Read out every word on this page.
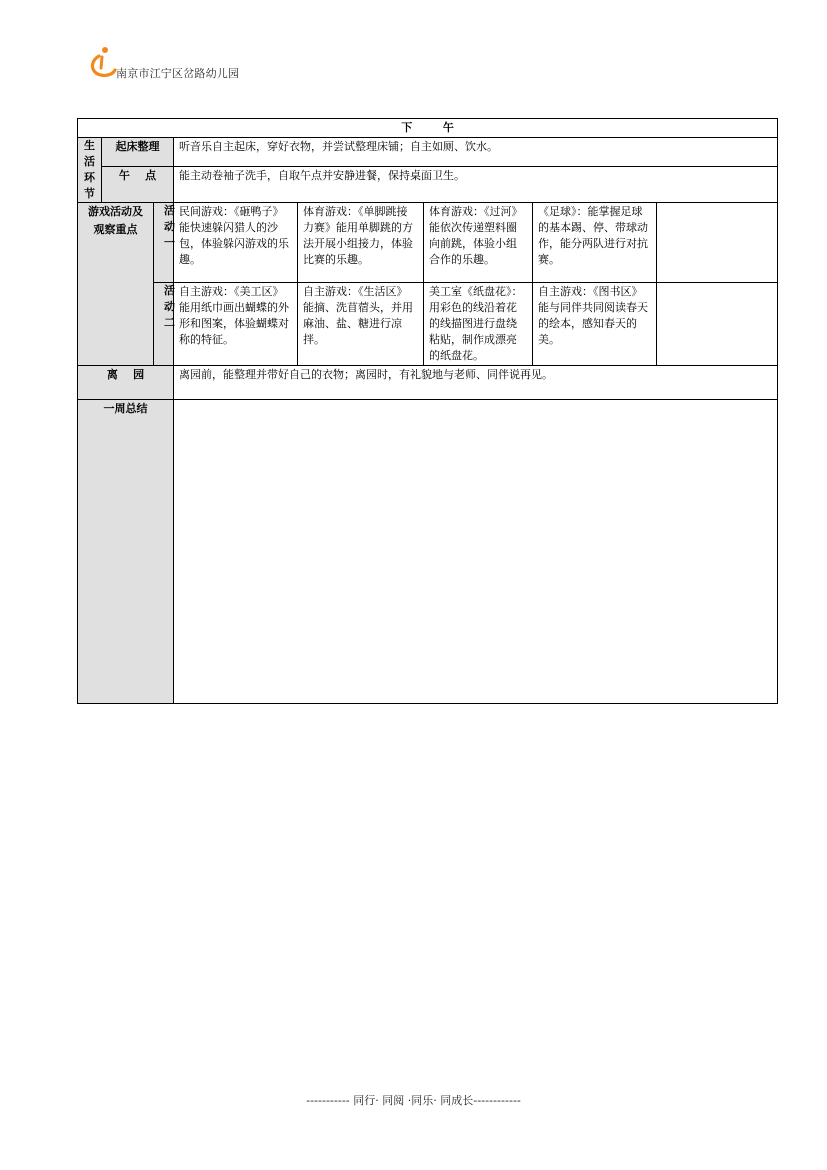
南京市江宁区岔路幼儿园
下        午							
生活环节	起床整理		听音乐自主起床，穿好衣物，并尝试整理床铺；自主如厕、饮水。				
	午    点		能主动卷袖子洗手，自取午点并安静进餐，保持桌面卫生。				
游戏活动及观察重点		活动一	民间游戏：《砸鸭子》能快速躲闪猎人的沙包，体验躲闪游戏的乐趣。	体育游戏：《单脚跳接力赛》能用单脚跳的方法开展小组接力，体验比赛的乐趣。	体育游戏：《过河》能依次传递塑料圈向前跳，体验小组合作的乐趣。	《足球》：能掌握足球的基本踢、停、带球动作，能分两队进行对抗赛。	
		活动二	自主游戏：《美工区》能用纸巾画出蝴蝶的外形和图案，体验蝴蝶对称的特征。	自主游戏：《生活区》能摘、洗苜蓿头，并用麻油、盐、糖进行凉拌。	美工室《纸盘花》：用彩色的线沿着花的线描图进行盘绕粘贴，制作成漂亮的纸盘花。	自主游戏：《图书区》能与同伴共同阅读春天的绘本，感知春天的美。	
离    园			离园前，能整理并带好自己的衣物；离园时，有礼貌地与老师、同伴说再见。				
一周总结							
----------- 同行· 同阅 ·同乐· 同成长------------
